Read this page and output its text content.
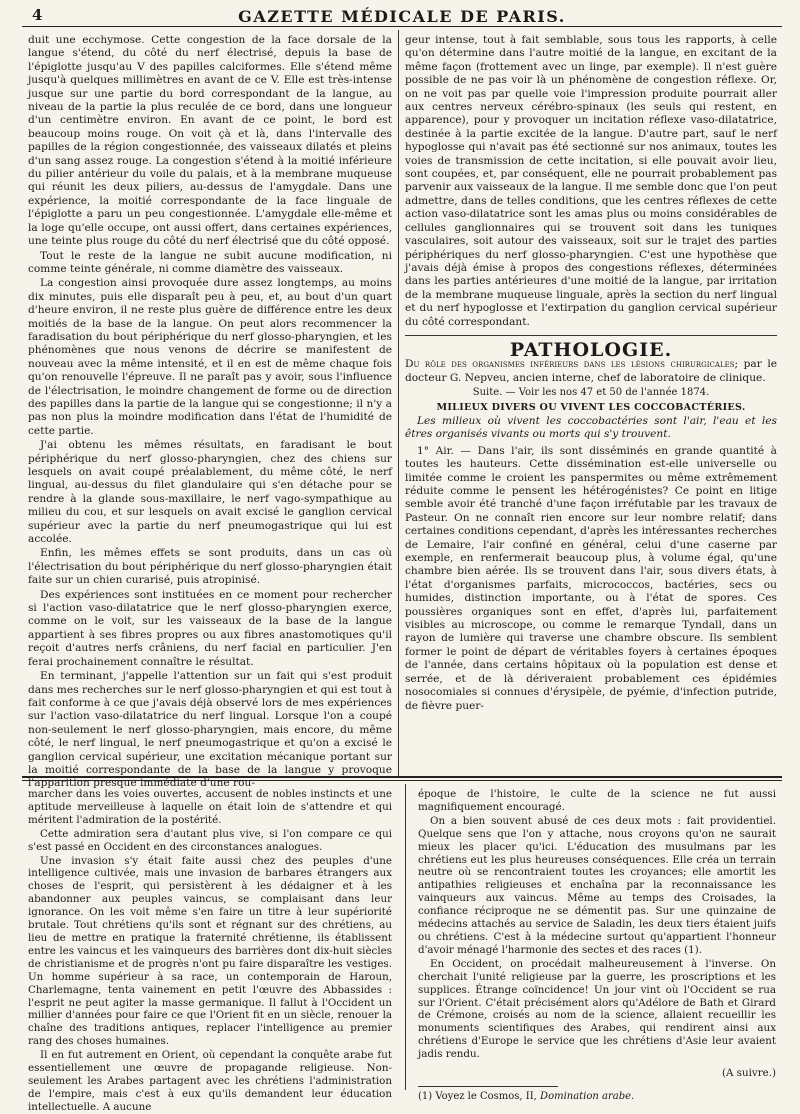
4	GAZETTE MÉDICALE DE PARIS.

duit une ecchymose. Cette congestion de la face dorsale de la langue s'étend, du côté du nerf électrisé, depuis la base de l'épiglotte jusqu'au V des papilles calciformes. Elle s'étend même jusqu'à quelques millimètres en avant de ce V. Elle est très-intense jusque sur une partie du bord correspondant de la langue, au niveau de la partie la plus reculée de ce bord, dans une longueur d'un centimètre environ. En avant de ce point, le bord est beaucoup moins rouge. On voit çà et là, dans l'intervalle des papilles de la région congestionnée, des vaisseaux dilatés et pleins d'un sang assez rouge. La congestion s'étend à la moitié inférieure du pilier antérieur du voile du palais, et à la membrane muqueuse qui réunit les deux piliers, au-dessus de l'amygdale. Dans une expérience, la moitié correspondante de la face linguale de l'épiglotte a paru un peu congestionnée. L'amygdale elle-même et la loge qu'elle occupe, ont aussi offert, dans certaines expériences, une teinte plus rouge du côté du nerf électrisé que du côté opposé.

Tout le reste de la langue ne subit aucune modification, ni comme teinte générale, ni comme diamètre des vaisseaux.

La congestion ainsi provoquée dure assez longtemps, au moins dix minutes, puis elle disparaît peu à peu, et, au bout d'un quart d'heure environ, il ne reste plus guère de différence entre les deux moitiés de la base de la langue. On peut alors recommencer la faradisation du bout périphérique du nerf glosso-pharyngien, et les phénomènes que nous venons de décrire se manifestent de nouveau avec la même intensité, et il en est de même chaque fois qu'on renouvelle l'épreuve. Il ne paraît pas y avoir, sous l'influence de l'électrisation, le moindre changement de forme ou de direction des papilles dans la partie de la langue qui se congestionne; il n'y a pas non plus la moindre modification dans l'état de l'humidité de cette partie.

J'ai obtenu les mêmes résultats, en faradisant le bout périphérique du nerf glosso-pharyngien, chez des chiens sur lesquels on avait coupé préalablement, du même côté, le nerf lingual, au-dessus du filet glandulaire qui s'en détache pour se rendre à la glande sous-maxillaire, le nerf vago-sympathique au milieu du cou, et sur lesquels on avait excisé le ganglion cervical supérieur avec la partie du nerf pneumogastrique qui lui est accolée.

Enfin, les mêmes effets se sont produits, dans un cas où l'électrisation du bout périphérique du nerf glosso-pharyngien était faite sur un chien curarisé, puis atropinisé.

Des expériences sont instituées en ce moment pour rechercher si l'action vaso-dilatatrice que le nerf glosso-pharyngien exerce, comme on le voit, sur les vaisseaux de la base de la langue appartient à ses fibres propres ou aux fibres anastomotiques qu'il reçoit d'autres nerfs crâniens, du nerf facial en particulier. J'en ferai prochainement connaître le résultat.

En terminant, j'appelle l'attention sur un fait qui s'est produit dans mes recherches sur le nerf glosso-pharyngien et qui est tout à fait conforme à ce que j'avais déjà observé lors de mes expériences sur l'action vaso-dilatatrice du nerf lingual. Lorsque l'on a coupé non-seulement le nerf glosso-pharyngien, mais encore, du même côté, le nerf lingual, le nerf pneumogastrique et qu'on a excisé le ganglion cervical supérieur, une excitation mécanique portant sur la moitié correspondante de la base de la langue y provoque l'apparition presque immédiate d'une rou-

geur intense, tout à fait semblable, sous tous les rapports, à celle qu'on détermine dans l'autre moitié de la langue, en excitant de la même façon (frottement avec un linge, par exemple). Il n'est guère possible de ne pas voir là un phénomène de congestion réflexe. Or, on ne voit pas par quelle voie l'impression produite pourrait aller aux centres nerveux cérébro-spinaux (les seuls qui restent, en apparence), pour y provoquer un incitation réflexe vaso-dilatatrice, destinée à la partie excitée de la langue. D'autre part, sauf le nerf hypoglosse qui n'avait pas été sectionné sur nos animaux, toutes les voies de transmission de cette incitation, si elle pouvait avoir lieu, sont coupées, et, par conséquent, elle ne pourrait probablement pas parvenir aux vaisseaux de la langue. Il me semble donc que l'on peut admettre, dans de telles conditions, que les centres réflexes de cette action vaso-dilatatrice sont les amas plus ou moins considérables de cellules ganglionnaires qui se trouvent soit dans les tuniques vasculaires, soit autour des vaisseaux, soit sur le trajet des parties périphériques du nerf glosso-pharyngien. C'est une hypothèse que j'avais déjà émise à propos des congestions réflexes, déterminées dans les parties antérieures d'une moitié de la langue, par irritation de la membrane muqueuse linguale, après la section du nerf lingual et du nerf hypoglosse et l'extirpation du ganglion cervical supérieur du côté correspondant.

PATHOLOGIE.

Du rôle des organismes inférieurs dans les lésions chirurgicales; par le docteur G. Nepveu, ancien interne, chef de laboratoire de clinique.

Suite. — Voir les nos 47 et 50 de l'année 1874.

MILIEUX DIVERS OU VIVENT LES COCCOBACTÉRIES.

Les milieux où vivent les coccobactéries sont l'air, l'eau et les êtres organisés vivants ou morts qui s'y trouvent.

1° Air. — Dans l'air, ils sont disséminés en grande quantité à toutes les hauteurs. Cette dissémination est-elle universelle ou limitée comme le croient les panspermites ou même extrêmement réduite comme le pensent les hétérogénistes? Ce point en litige semble avoir été tranché d'une façon irréfutable par les travaux de Pasteur. On ne connaît rien encore sur leur nombre relatif; dans certaines conditions cependant, d'après les intéressantes recherches de Lemaire, l'air confiné en général, celui d'une caserne par exemple, en renfermerait beaucoup plus, à volume égal, qu'une chambre bien aérée. Ils se trouvent dans l'air, sous divers états, à l'état d'organismes parfaits, micrococcos, bactéries, secs ou humides, distinction importante, ou à l'état de spores. Ces poussières organiques sont en effet, d'après lui, parfaitement visibles au microscope, ou comme le remarque Tyndall, dans un rayon de lumière qui traverse une chambre obscure. Ils semblent former le point de départ de véritables foyers à certaines époques de l'année, dans certains hôpitaux où la population est dense et serrée, et de là dériveraient probablement ces épidémies nosocomiales si connues d'érysipèle, de pyémie, d'infection putride, de fièvre puer-

marcher dans les voies ouvertes, accusent de nobles instincts et une aptitude merveilleuse à laquelle on était loin de s'attendre et qui méritent l'admiration de la postérité.

Cette admiration sera d'autant plus vive, si l'on compare ce qui s'est passé en Occident en des circonstances analogues.

Une invasion s'y était faite aussi chez des peuples d'une intelligence cultivée, mais une invasion de barbares étrangers aux choses de l'esprit, qui persistèrent à les dédaigner et à les abandonner aux peuples vaincus, se complaisant dans leur ignorance. On les voit même s'en faire un titre à leur supériorité brutale. Tout chrétiens qu'ils sont et régnant sur des chrétiens, au lieu de mettre en pratique la fraternité chrétienne, ils établissent entre les vaincus et les vainqueurs des barrières dont dix-huit siècles de christianisme et de progrès n'ont pu faire disparaître les vestiges. Un homme supérieur à sa race, un contemporain de Haroun, Charlemagne, tenta vainement en petit l'œuvre des Abbassides : l'esprit ne peut agiter la masse germanique. Il fallut à l'Occident un millier d'années pour faire ce que l'Orient fit en un siècle, renouer la chaîne des traditions antiques, replacer l'intelligence au premier rang des choses humaines.

Il en fut autrement en Orient, où cependant la conquête arabe fut essentiellement une œuvre de propagande religieuse. Non-seulement les Arabes partagent avec les chrétiens l'administration de l'empire, mais c'est à eux qu'ils demandent leur éducation intellectuelle. A aucune

époque de l'histoire, le culte de la science ne fut aussi magnifiquement encouragé.

On a bien souvent abusé de ces deux mots : fait providentiel. Quelque sens que l'on y attache, nous croyons qu'on ne saurait mieux les placer qu'ici. L'éducation des musulmans par les chrétiens eut les plus heureuses conséquences. Elle créa un terrain neutre où se rencontraient toutes les croyances; elle amortit les antipathies religieuses et enchaîna par la reconnaissance les vainqueurs aux vaincus. Même au temps des Croisades, la confiance réciproque ne se démentit pas. Sur une quinzaine de médecins attachés au service de Saladin, les deux tiers étaient juifs ou chrétiens. C'est à la médecine surtout qu'appartient l'honneur d'avoir ménagé l'harmonie des sectes et des races (1).

En Occident, on procédait malheureusement à l'inverse. On cherchait l'unité religieuse par la guerre, les proscriptions et les supplices. Étrange coïncidence! Un jour vint où l'Occident se rua sur l'Orient. C'était précisément alors qu'Adélore de Bath et Girard de Crémone, croisés au nom de la science, allaient recueillir les monuments scientifiques des Arabes, qui rendirent ainsi aux chrétiens d'Europe le service que les chrétiens d'Asie leur avaient jadis rendu.

(A suivre.)

(1) Voyez le Cosmos, II, Domination arabe.
